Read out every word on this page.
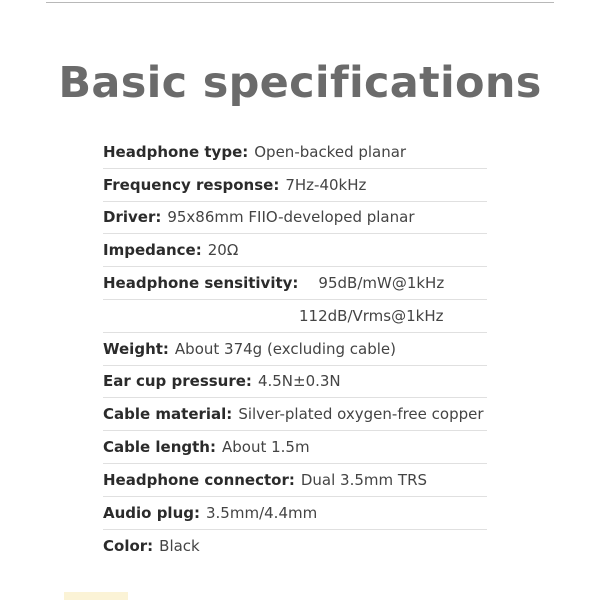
Basic specifications
Headphone type: Open-backed planar
Frequency response: 7Hz-40kHz
Driver: 95x86mm FIIO-developed planar
Impedance: 20Ω
Headphone sensitivity: 95dB/mW@1kHz
112dB/Vrms@1kHz
Weight: About 374g (excluding cable)
Ear cup pressure: 4.5N±0.3N
Cable material: Silver-plated oxygen-free copper
Cable length: About 1.5m
Headphone connector: Dual 3.5mm TRS
Audio plug: 3.5mm/4.4mm
Color: Black
